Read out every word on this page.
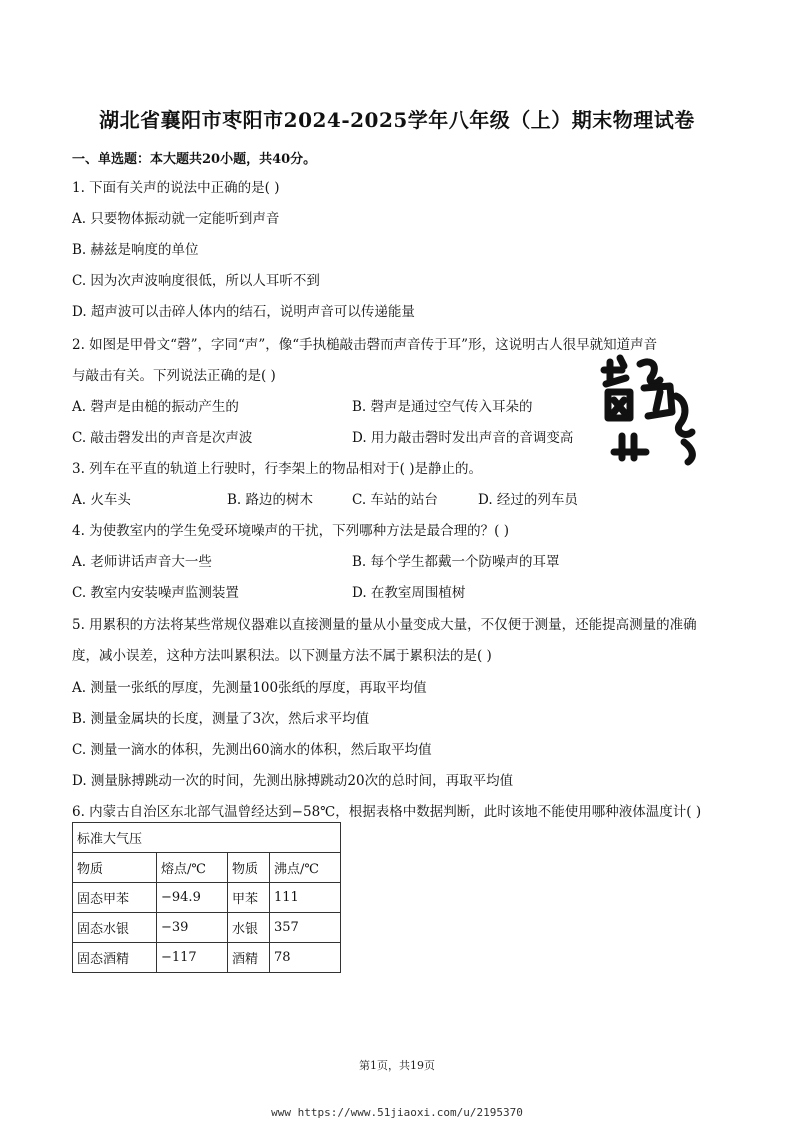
湖北省襄阳市枣阳市2024-2025学年八年级（上）期末物理试卷
一、单选题：本大题共20小题，共40分。
1. 下面有关声的说法中正确的是( )
A. 只要物体振动就一定能听到声音
B. 赫兹是响度的单位
C. 因为次声波响度很低，所以人耳听不到
D. 超声波可以击碎人体内的结石，说明声音可以传递能量
2. 如图是甲骨文“磬”，字同“声”，像“手执槌敲击磬而声音传于耳”形，这说明古人很早就知道声音
与敲击有关。下列说法正确的是( )
A. 磬声是由槌的振动产生的	B. 磬声是通过空气传入耳朵的
C. 敲击磬发出的声音是次声波	D. 用力敲击磬时发出声音的音调变高
3. 列车在平直的轨道上行驶时，行李架上的物品相对于( )是静止的。
A. 火车头	B. 路边的树木	C. 车站的站台	D. 经过的列车员
4. 为使教室内的学生免受环境噪声的干扰，下列哪种方法是最合理的？( )
A. 老师讲话声音大一些	B. 每个学生都戴一个防噪声的耳罩
C. 教室内安装噪声监测装置	D. 在教室周围植树
5. 用累积的方法将某些常规仪器难以直接测量的量从小量变成大量，不仅便于测量，还能提高测量的准确
度，减小误差，这种方法叫累积法。以下测量方法不属于累积法的是( )
A. 测量一张纸的厚度，先测量100张纸的厚度，再取平均值
B. 测量金属块的长度，测量了3次，然后求平均值
C. 测量一滴水的体积，先测出60滴水的体积，然后取平均值
D. 测量脉搏跳动一次的时间，先测出脉搏跳动20次的总时间，再取平均值
6. 内蒙古自治区东北部气温曾经达到−58℃，根据表格中数据判断，此时该地不能使用哪种液体温度计( )
标准大气压			
物质	熔点/℃	物质	沸点/℃
固态甲苯	−94.9	甲苯	111
固态水银	−39	水银	357
固态酒精	−117	酒精	78
第1页，共19页
www https://www.51jiaoxi.com/u/2195370
